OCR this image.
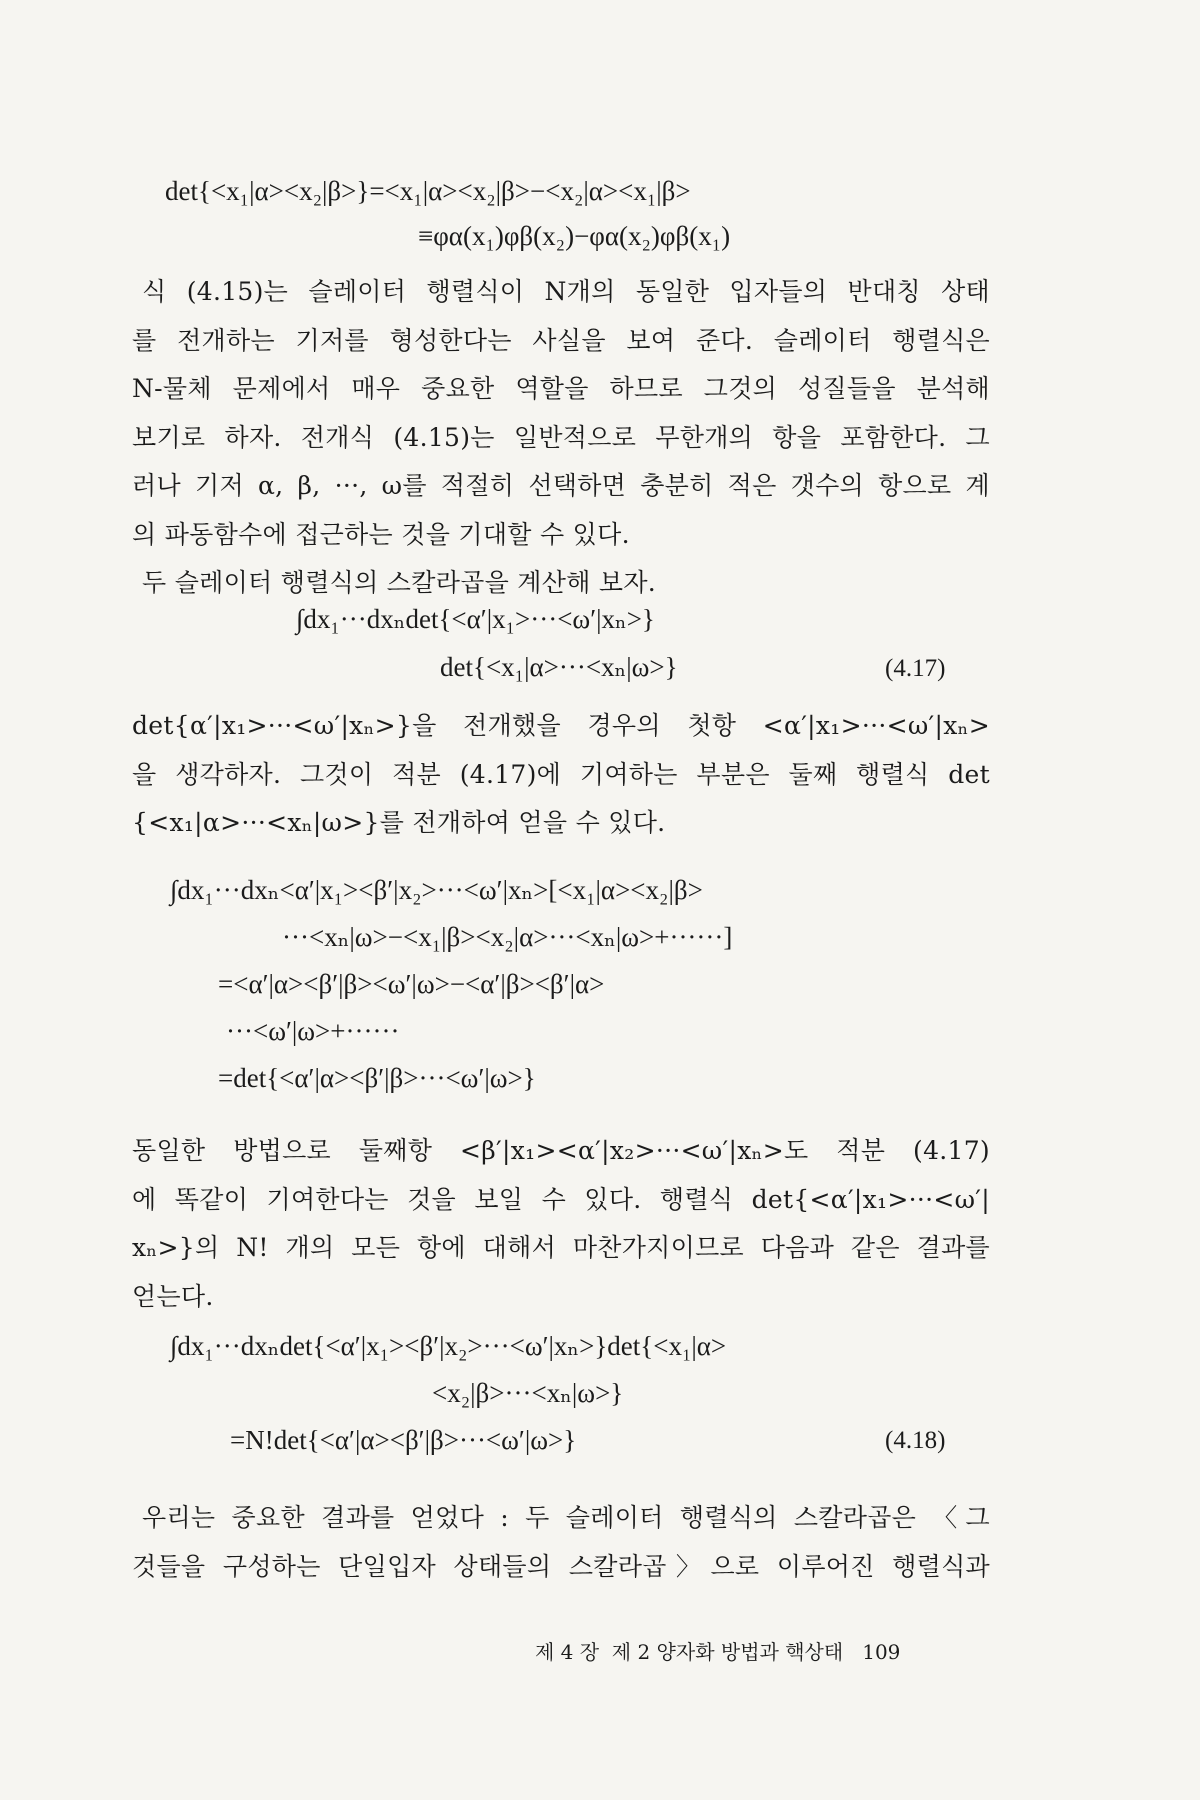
det{<x₁|α><x₂|β>}=<x₁|α><x₂|β>−<x₂|α><x₁|β>
≡φα(x₁)φβ(x₂)−φα(x₂)φβ(x₁)
식 (4.15)는 슬레이터 행렬식이 N개의 동일한 입자들의 반대칭 상태
를 전개하는 기저를 형성한다는 사실을 보여 준다. 슬레이터 행렬식은
N-물체 문제에서 매우 중요한 역할을 하므로 그것의 성질들을 분석해
보기로 하자. 전개식 (4.15)는 일반적으로 무한개의 항을 포함한다. 그
러나 기저 α, β, ···, ω를 적절히 선택하면 충분히 적은 갯수의 항으로 계
의 파동함수에 접근하는 것을 기대할 수 있다.
두 슬레이터 행렬식의 스칼라곱을 계산해 보자.
∫dx₁···dxₙdet{<α′|x₁>···<ω′|xₙ>}
det{<x₁|α>···<xₙ|ω>}	(4.17)
det{α′|x₁>···<ω′|xₙ>}을 전개했을 경우의 첫항 <α′|x₁>···<ω′|xₙ>
을 생각하자. 그것이 적분 (4.17)에 기여하는 부분은 둘째 행렬식 det
{<x₁|α>···<xₙ|ω>}를 전개하여 얻을 수 있다.
∫dx₁···dxₙ<α′|x₁><β′|x₂>···<ω′|xₙ>[<x₁|α><x₂|β>
···<xₙ|ω>−<x₁|β><x₂|α>···<xₙ|ω>+······]
=<α′|α><β′|β><ω′|ω>−<α′|β><β′|α>
···<ω′|ω>+······
=det{<α′|α><β′|β>···<ω′|ω>}
동일한 방법으로 둘째항 <β′|x₁><α′|x₂>···<ω′|xₙ>도 적분 (4.17)
에 똑같이 기여한다는 것을 보일 수 있다. 행렬식 det{<α′|x₁>···<ω′|
xₙ>}의 N! 개의 모든 항에 대해서 마찬가지이므로 다음과 같은 결과를
얻는다.
∫dx₁···dxₙdet{<α′|x₁><β′|x₂>···<ω′|xₙ>}det{<x₁|α>
<x₂|β>···<xₙ|ω>}
=N!det{<α′|α><β′|β>···<ω′|ω>}	(4.18)
우리는 중요한 결과를 얻었다 : 두 슬레이터 행렬식의 스칼라곱은 〈그
것들을 구성하는 단일입자 상태들의 스칼라곱〉으로 이루어진 행렬식과
제 4 장  제 2 양자화 방법과 핵상태   109
